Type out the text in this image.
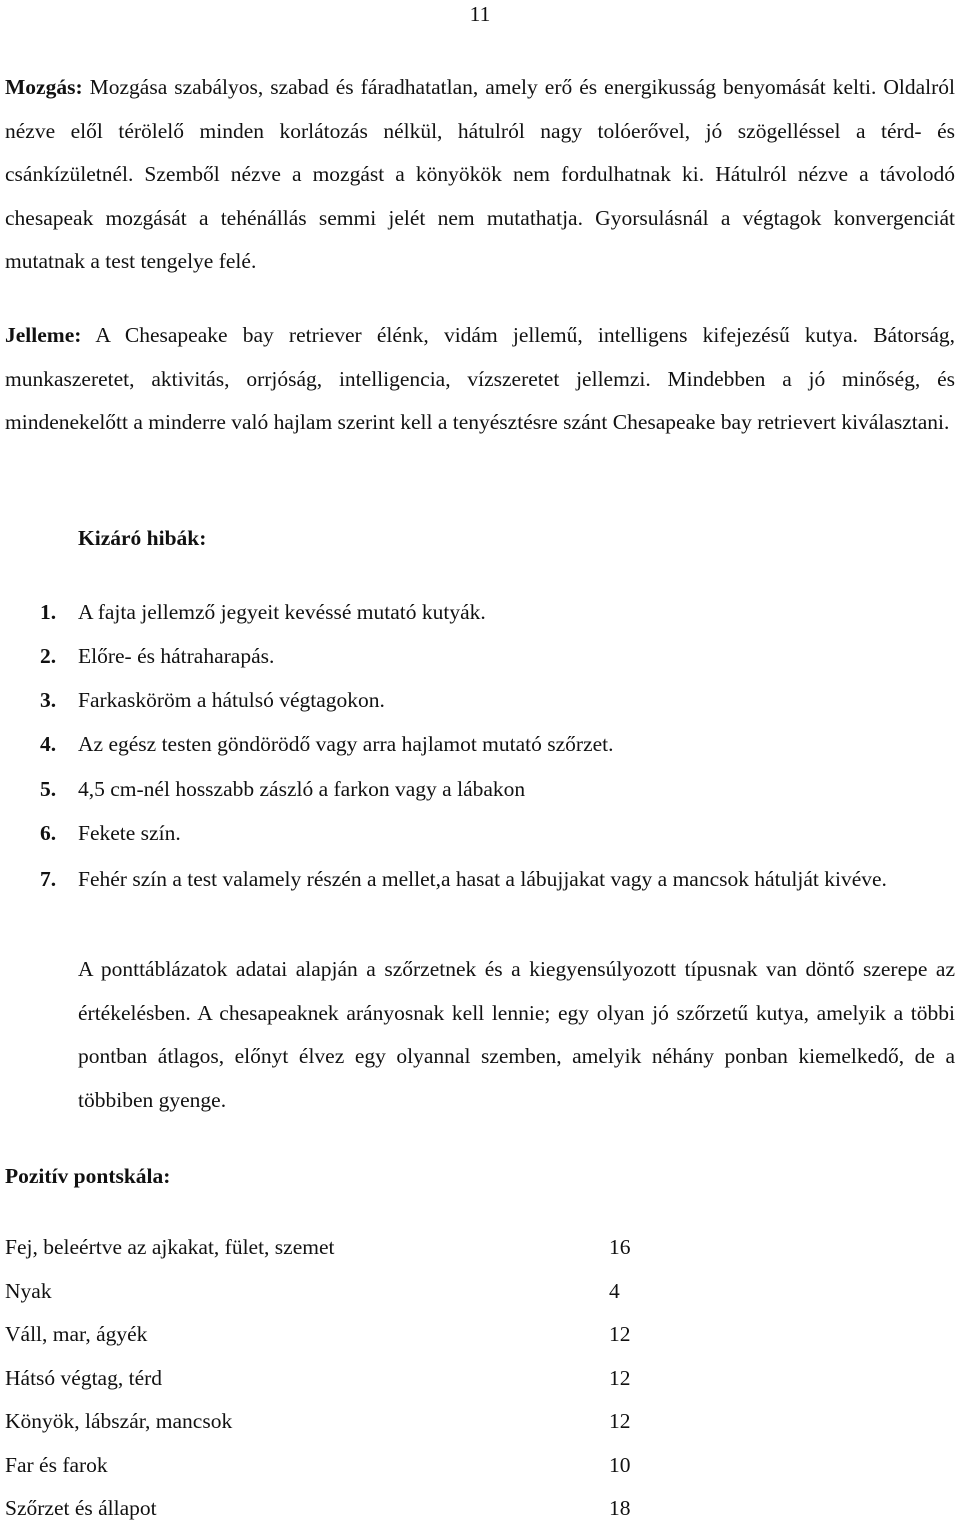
11

Mozgás: Mozgása szabályos, szabad és fáradhatatlan, amely erő és energikusság benyomását kelti. Oldalról nézve elől térölelő minden korlátozás nélkül, hátulról nagy tolóerővel, jó szögelléssel a térd- és csánkízületnél. Szemből nézve a mozgást a könyökök nem fordulhatnak ki. Hátulról nézve a távolodó chesapeak mozgását a tehénállás semmi jelét nem mutathatja. Gyorsulásnál a végtagok konvergenciát mutatnak a test tengelye felé.

Jelleme: A Chesapeake bay retriever élénk, vidám jellemű, intelligens kifejezésű kutya. Bátorság, munkaszeretet, aktivitás, orrjóság, intelligencia, vízszeretet jellemzi. Mindebben a jó minőség, és mindenekelőtt a minderre való hajlam szerint kell a tenyésztésre szánt Chesapeake bay retrievert kiválasztani.

Kizáró hibák:
1. A fajta jellemző jegyeit kevéssé mutató kutyák.
2. Előre- és hátraharapás.
3. Farkasköröm a hátulsó végtagokon.
4. Az egész testen göndörödő vagy arra hajlamot mutató szőrzet.
5. 4,5 cm-nél hosszabb zászló a farkon vagy a lábakon
6. Fekete szín.
7. Fehér szín a test valamely részén a mellet,a hasat a lábujjakat vagy a mancsok hátulját kivéve.

A ponttáblázatok adatai alapján a szőrzetnek és a kiegyensúlyozott típusnak van döntő szerepe az értékelésben. A chesapeaknek arányosnak kell lennie; egy olyan jó szőrzetű kutya, amelyik a többi pontban átlagos, előnyt élvez egy olyannal szemben, amelyik néhány ponban kiemelkedő, de a többiben gyenge.

Pozitív pontskála:
Fej, beleértve az ajkakat, fület, szemet	16
Nyak	4
Váll, mar, ágyék	12
Hátsó végtag, térd	12
Könyök, lábszár, mancsok	12
Far és farok	10
Szőrzet és állapot	18
